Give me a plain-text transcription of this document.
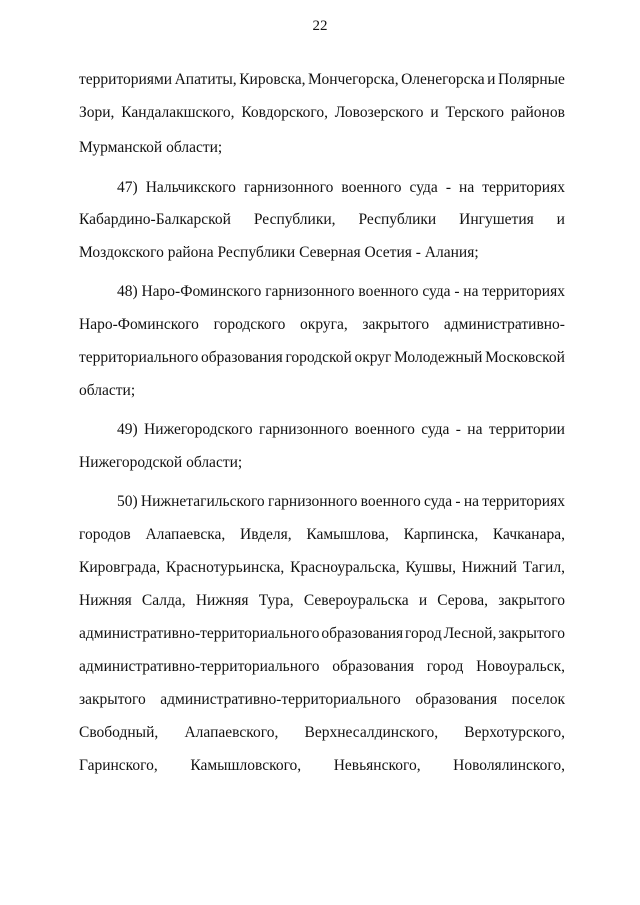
22
территориями Апатиты, Кировска, Мончегорска, Оленегорска и Полярные
Зори, Кандалакшского, Ковдорского, Ловозерского и Терского районов
Мурманской области;
47) Нальчикского гарнизонного военного суда - на территориях
Кабардино-Балкарской Республики, Республики Ингушетия и
Моздокского района Республики Северная Осетия - Алания;
48) Наро-Фоминского гарнизонного военного суда - на территориях
Наро-Фоминского городского округа, закрытого административно-
территориального образования городской округ Молодежный Московской
области;
49) Нижегородского гарнизонного военного суда - на территории
Нижегородской области;
50) Нижнетагильского гарнизонного военного суда - на территориях
городов Алапаевска, Ивделя, Камышлова, Карпинска, Качканара,
Кировграда, Краснотурьинска, Красноуральска, Кушвы, Нижний Тагил,
Нижняя Салда, Нижняя Тура, Североуральска и Серова, закрытого
административно-территориального образования город Лесной, закрытого
административно-территориального образования город Новоуральск,
закрытого административно-территориального образования поселок
Свободный, Алапаевского, Верхнесалдинского, Верхотурского,
Гаринского, Камышловского, Невьянского, Новолялинского,
